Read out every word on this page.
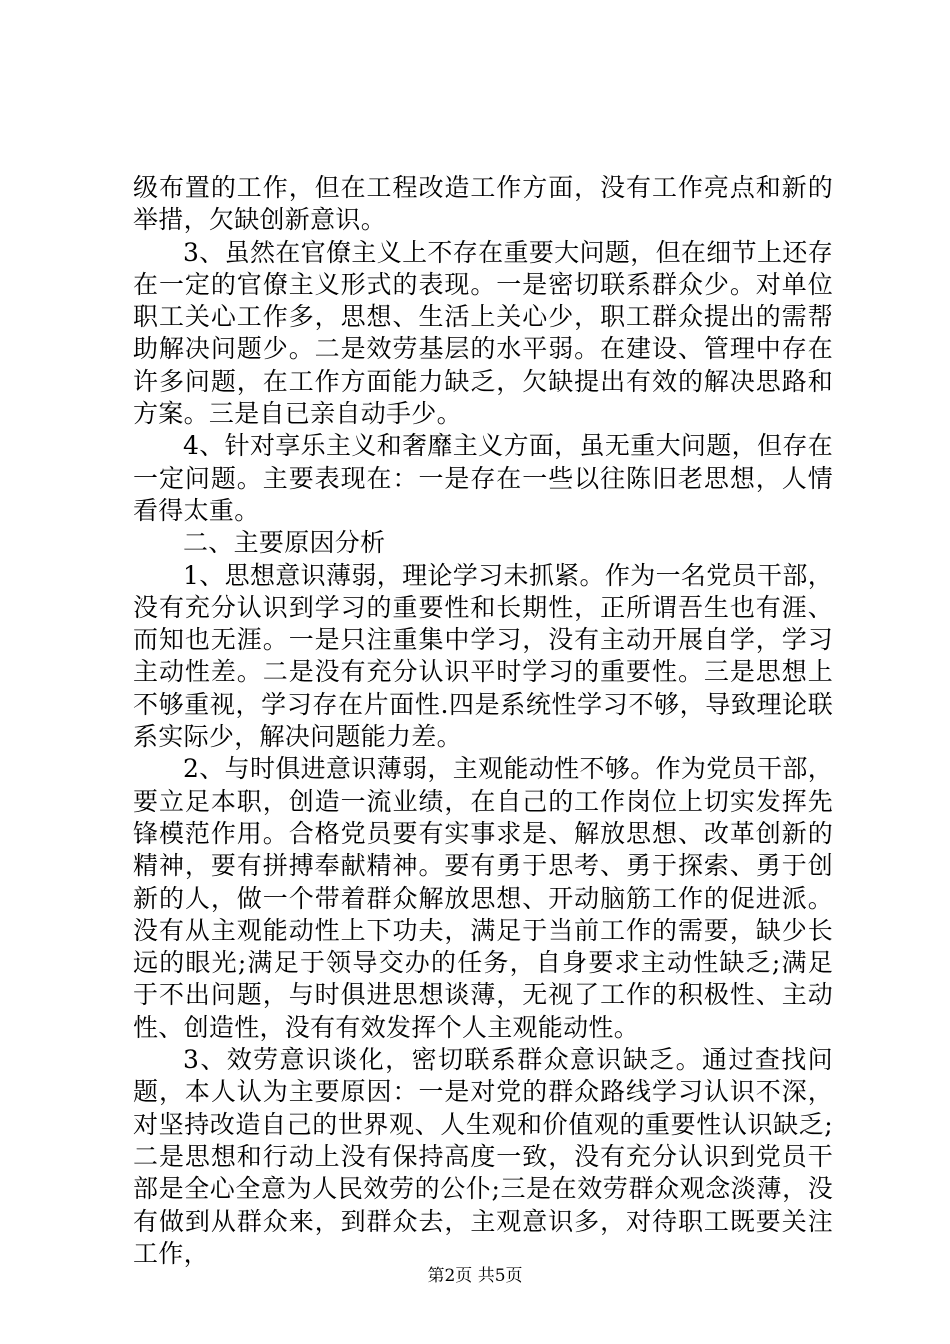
级布置的工作，但在工程改造工作方面，没有工作亮点和新的举措，欠缺创新意识。

3、虽然在官僚主义上不存在重要大问题，但在细节上还存在一定的官僚主义形式的表现。一是密切联系群众少。对单位职工关心工作多，思想、生活上关心少，职工群众提出的需帮助解决问题少。二是效劳基层的水平弱。在建设、管理中存在许多问题，在工作方面能力缺乏，欠缺提出有效的解决思路和方案。三是自已亲自动手少。

4、针对享乐主义和奢靡主义方面，虽无重大问题，但存在一定问题。主要表现在：一是存在一些以往陈旧老思想，人情看得太重。

二、主要原因分析

1、思想意识薄弱，理论学习未抓紧。作为一名党员干部，没有充分认识到学习的重要性和长期性，正所谓吾生也有涯、而知也无涯。一是只注重集中学习，没有主动开展自学，学习主动性差。二是没有充分认识平时学习的重要性。三是思想上不够重视，学习存在片面性.四是系统性学习不够，导致理论联系实际少，解决问题能力差。

2、与时俱进意识薄弱，主观能动性不够。作为党员干部，要立足本职，创造一流业绩，在自己的工作岗位上切实发挥先锋模范作用。合格党员要有实事求是、解放思想、改革创新的精神，要有拼搏奉献精神。要有勇于思考、勇于探索、勇于创新的人，做一个带着群众解放思想、开动脑筋工作的促进派。没有从主观能动性上下功夫，满足于当前工作的需要，缺少长远的眼光;满足于领导交办的任务，自身要求主动性缺乏;满足于不出问题，与时俱进思想谈薄，无视了工作的积极性、主动性、创造性，没有有效发挥个人主观能动性。

3、效劳意识谈化，密切联系群众意识缺乏。通过查找问题，本人认为主要原因：一是对党的群众路线学习认识不深，对坚持改造自己的世界观、人生观和价值观的重要性认识缺乏;二是思想和行动上没有保持高度一致，没有充分认识到党员干部是全心全意为人民效劳的公仆;三是在效劳群众观念淡薄，没有做到从群众来，到群众去，主观意识多，对待职工既要关注工作，

第2页 共5页
